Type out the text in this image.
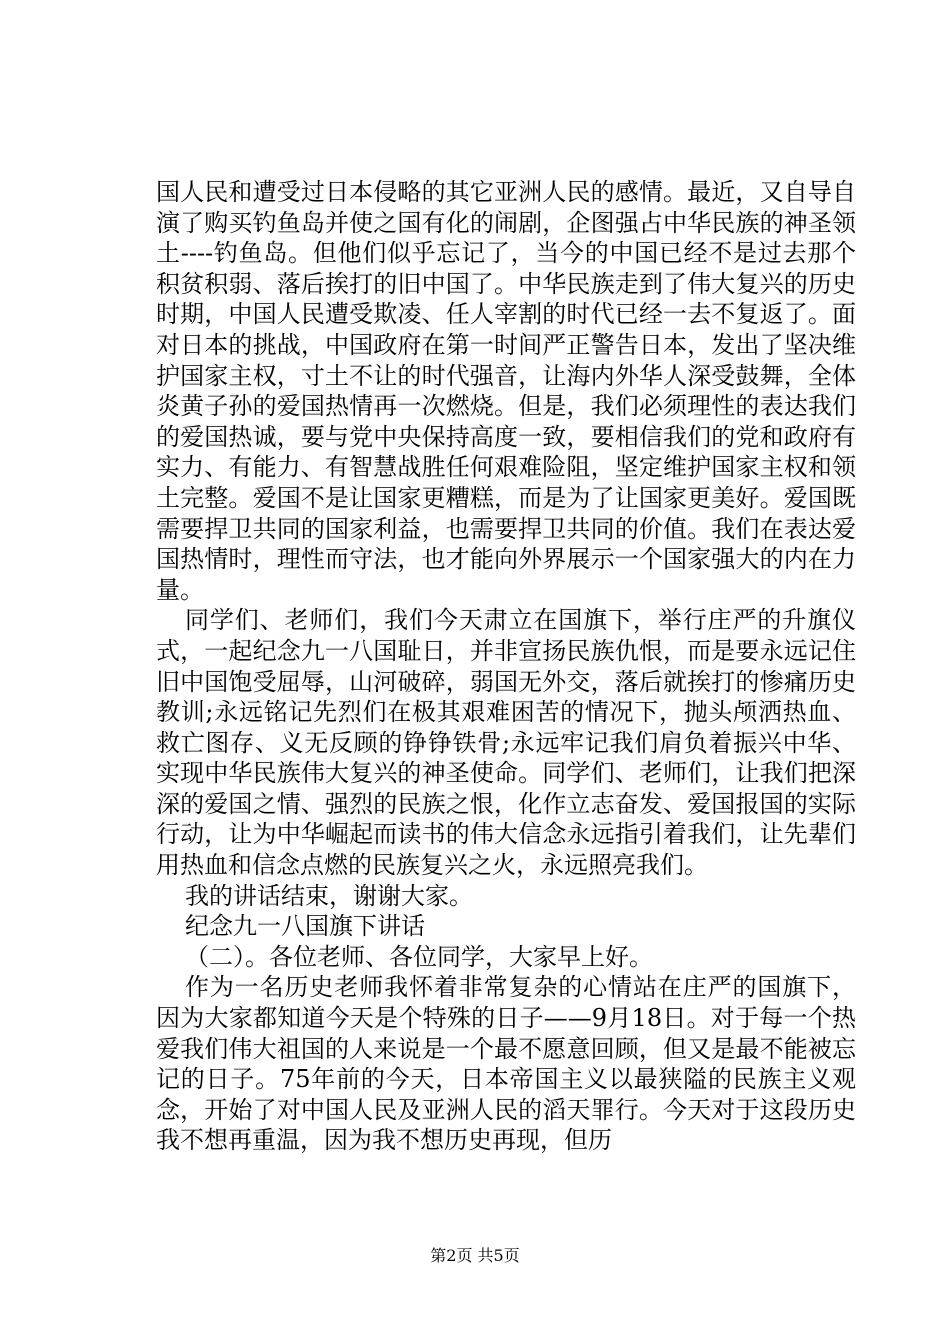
国人民和遭受过日本侵略的其它亚洲人民的感情。最近，又自导自演了购买钓鱼岛并使之国有化的闹剧，企图强占中华民族的神圣领土----钓鱼岛。但他们似乎忘记了，当今的中国已经不是过去那个积贫积弱、落后挨打的旧中国了。中华民族走到了伟大复兴的历史时期，中国人民遭受欺凌、任人宰割的时代已经一去不复返了。面对日本的挑战，中国政府在第一时间严正警告日本，发出了坚决维护国家主权，寸土不让的时代强音，让海内外华人深受鼓舞，全体炎黄子孙的爱国热情再一次燃烧。但是，我们必须理性的表达我们的爱国热诚，要与党中央保持高度一致，要相信我们的党和政府有实力、有能力、有智慧战胜任何艰难险阻，坚定维护国家主权和领土完整。爱国不是让国家更糟糕，而是为了让国家更美好。爱国既需要捍卫共同的国家利益，也需要捍卫共同的价值。我们在表达爱国热情时，理性而守法，也才能向外界展示一个国家强大的内在力量。

同学们、老师们，我们今天肃立在国旗下，举行庄严的升旗仪式，一起纪念九一八国耻日，并非宣扬民族仇恨，而是要永远记住旧中国饱受屈辱，山河破碎，弱国无外交，落后就挨打的惨痛历史教训;永远铭记先烈们在极其艰难困苦的情况下，抛头颅洒热血、救亡图存、义无反顾的铮铮铁骨;永远牢记我们肩负着振兴中华、实现中华民族伟大复兴的神圣使命。同学们、老师们，让我们把深深的爱国之情、强烈的民族之恨，化作立志奋发、爱国报国的实际行动，让为中华崛起而读书的伟大信念永远指引着我们，让先辈们用热血和信念点燃的民族复兴之火，永远照亮我们。

我的讲话结束，谢谢大家。

纪念九一八国旗下讲话

（二）。各位老师、各位同学，大家早上好。

作为一名历史老师我怀着非常复杂的心情站在庄严的国旗下，因为大家都知道今天是个特殊的日子——9月18日。对于每一个热爱我们伟大祖国的人来说是一个最不愿意回顾，但又是最不能被忘记的日子。75年前的今天，日本帝国主义以最狭隘的民族主义观念，开始了对中国人民及亚洲人民的滔天罪行。今天对于这段历史我不想再重温，因为我不想历史再现，但历

第2页 共5页
